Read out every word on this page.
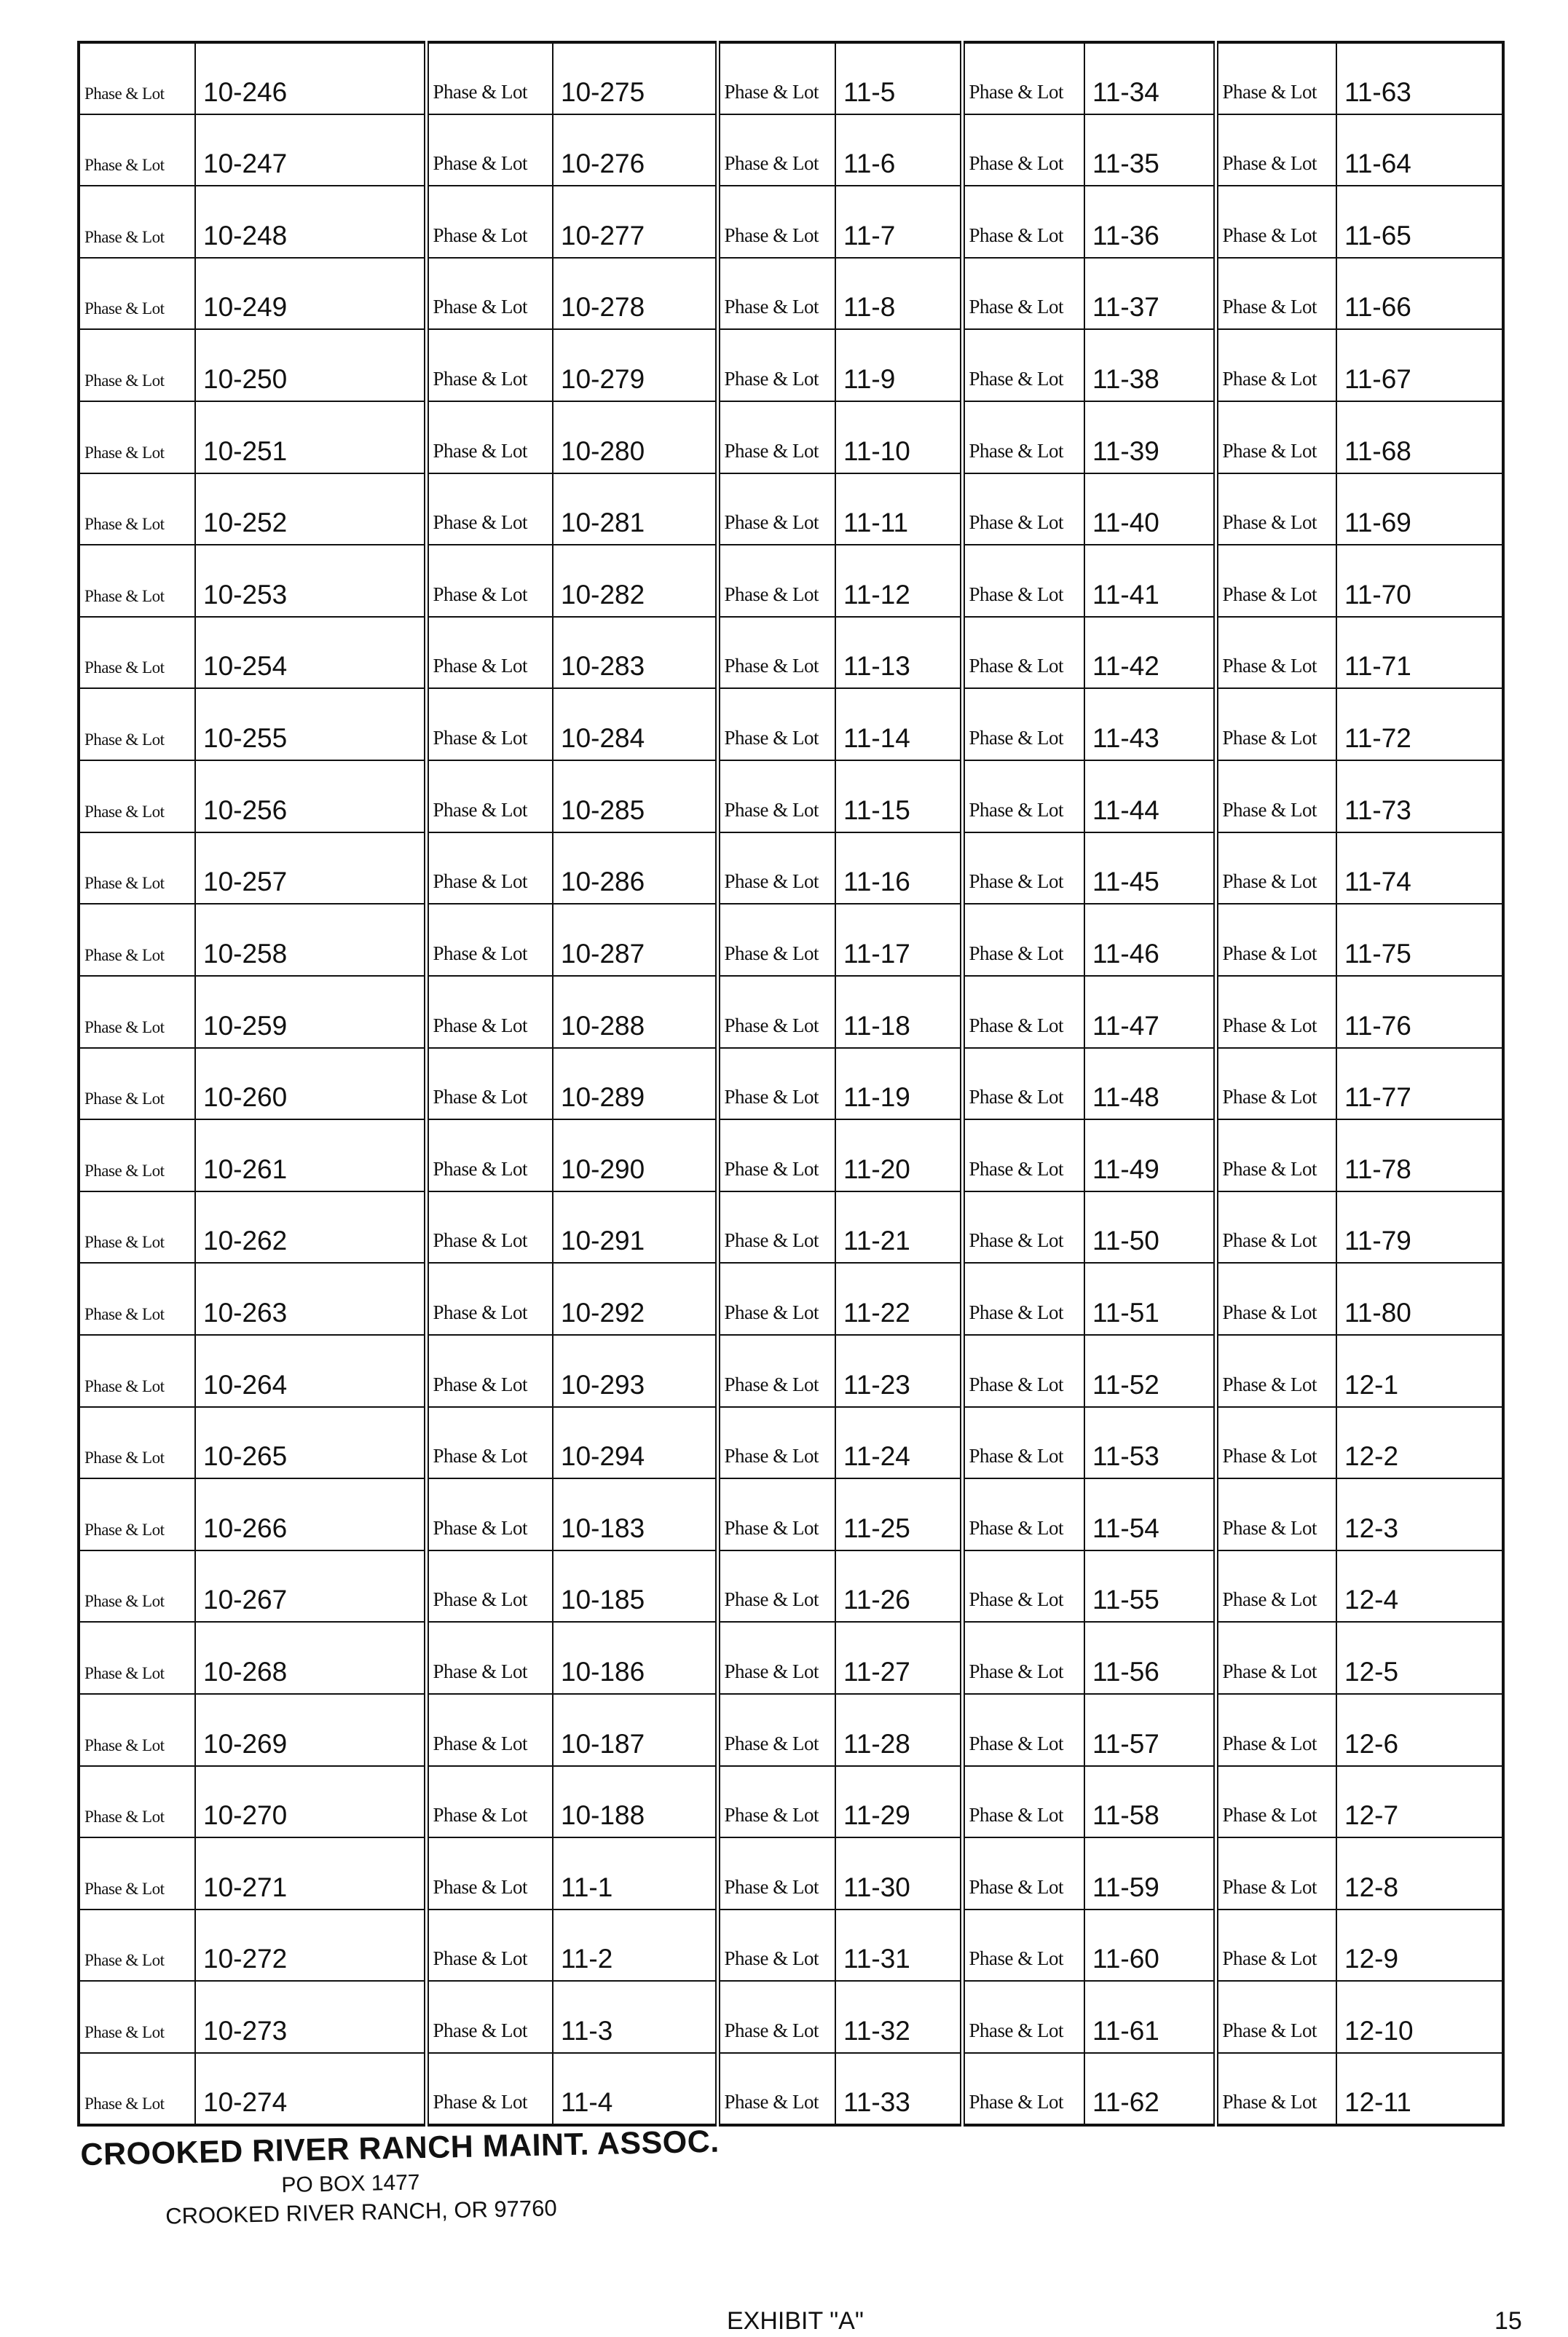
Phase & Lot	10-246	Phase & Lot	10-275	Phase & Lot	11-5	Phase & Lot	11-34	Phase & Lot	11-63
Phase & Lot	10-247	Phase & Lot	10-276	Phase & Lot	11-6	Phase & Lot	11-35	Phase & Lot	11-64
Phase & Lot	10-248	Phase & Lot	10-277	Phase & Lot	11-7	Phase & Lot	11-36	Phase & Lot	11-65
Phase & Lot	10-249	Phase & Lot	10-278	Phase & Lot	11-8	Phase & Lot	11-37	Phase & Lot	11-66
Phase & Lot	10-250	Phase & Lot	10-279	Phase & Lot	11-9	Phase & Lot	11-38	Phase & Lot	11-67
Phase & Lot	10-251	Phase & Lot	10-280	Phase & Lot	11-10	Phase & Lot	11-39	Phase & Lot	11-68
Phase & Lot	10-252	Phase & Lot	10-281	Phase & Lot	11-11	Phase & Lot	11-40	Phase & Lot	11-69
Phase & Lot	10-253	Phase & Lot	10-282	Phase & Lot	11-12	Phase & Lot	11-41	Phase & Lot	11-70
Phase & Lot	10-254	Phase & Lot	10-283	Phase & Lot	11-13	Phase & Lot	11-42	Phase & Lot	11-71
Phase & Lot	10-255	Phase & Lot	10-284	Phase & Lot	11-14	Phase & Lot	11-43	Phase & Lot	11-72
Phase & Lot	10-256	Phase & Lot	10-285	Phase & Lot	11-15	Phase & Lot	11-44	Phase & Lot	11-73
Phase & Lot	10-257	Phase & Lot	10-286	Phase & Lot	11-16	Phase & Lot	11-45	Phase & Lot	11-74
Phase & Lot	10-258	Phase & Lot	10-287	Phase & Lot	11-17	Phase & Lot	11-46	Phase & Lot	11-75
Phase & Lot	10-259	Phase & Lot	10-288	Phase & Lot	11-18	Phase & Lot	11-47	Phase & Lot	11-76
Phase & Lot	10-260	Phase & Lot	10-289	Phase & Lot	11-19	Phase & Lot	11-48	Phase & Lot	11-77
Phase & Lot	10-261	Phase & Lot	10-290	Phase & Lot	11-20	Phase & Lot	11-49	Phase & Lot	11-78
Phase & Lot	10-262	Phase & Lot	10-291	Phase & Lot	11-21	Phase & Lot	11-50	Phase & Lot	11-79
Phase & Lot	10-263	Phase & Lot	10-292	Phase & Lot	11-22	Phase & Lot	11-51	Phase & Lot	11-80
Phase & Lot	10-264	Phase & Lot	10-293	Phase & Lot	11-23	Phase & Lot	11-52	Phase & Lot	12-1
Phase & Lot	10-265	Phase & Lot	10-294	Phase & Lot	11-24	Phase & Lot	11-53	Phase & Lot	12-2
Phase & Lot	10-266	Phase & Lot	10-183	Phase & Lot	11-25	Phase & Lot	11-54	Phase & Lot	12-3
Phase & Lot	10-267	Phase & Lot	10-185	Phase & Lot	11-26	Phase & Lot	11-55	Phase & Lot	12-4
Phase & Lot	10-268	Phase & Lot	10-186	Phase & Lot	11-27	Phase & Lot	11-56	Phase & Lot	12-5
Phase & Lot	10-269	Phase & Lot	10-187	Phase & Lot	11-28	Phase & Lot	11-57	Phase & Lot	12-6
Phase & Lot	10-270	Phase & Lot	10-188	Phase & Lot	11-29	Phase & Lot	11-58	Phase & Lot	12-7
Phase & Lot	10-271	Phase & Lot	11-1	Phase & Lot	11-30	Phase & Lot	11-59	Phase & Lot	12-8
Phase & Lot	10-272	Phase & Lot	11-2	Phase & Lot	11-31	Phase & Lot	11-60	Phase & Lot	12-9
Phase & Lot	10-273	Phase & Lot	11-3	Phase & Lot	11-32	Phase & Lot	11-61	Phase & Lot	12-10
Phase & Lot	10-274	Phase & Lot	11-4	Phase & Lot	11-33	Phase & Lot	11-62	Phase & Lot	12-11
CROOKED RIVER RANCH MAINT. ASSOC.
PO BOX 1477
CROOKED RIVER RANCH, OR 97760
EXHIBIT "A"	15
